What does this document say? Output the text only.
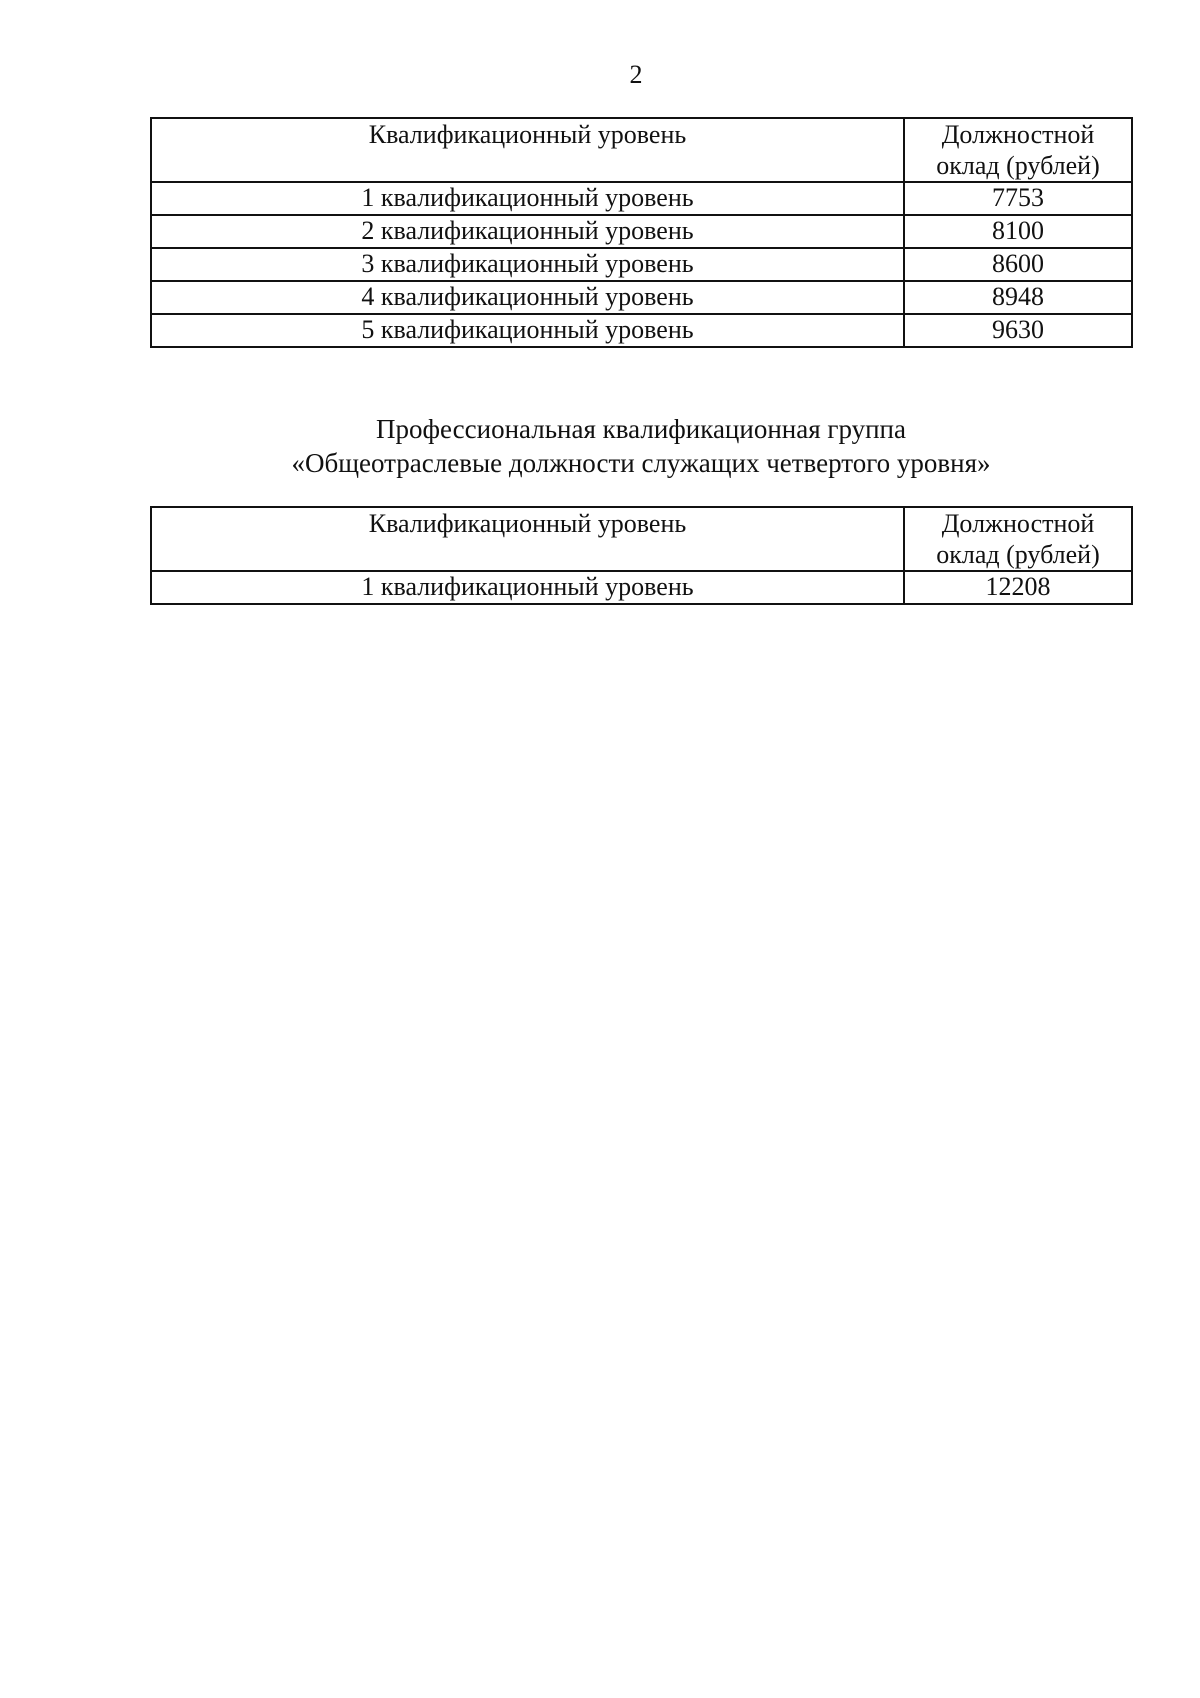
2
Квалификационный уровень	Должностной
оклад (рублей)
1 квалификационный уровень	7753
2 квалификационный уровень	8100
3 квалификационный уровень	8600
4 квалификационный уровень	8948
5 квалификационный уровень	9630
Профессиональная квалификационная группа
«Общеотраслевые должности служащих четвертого уровня»
Квалификационный уровень	Должностной
оклад (рублей)
1 квалификационный уровень	12208
